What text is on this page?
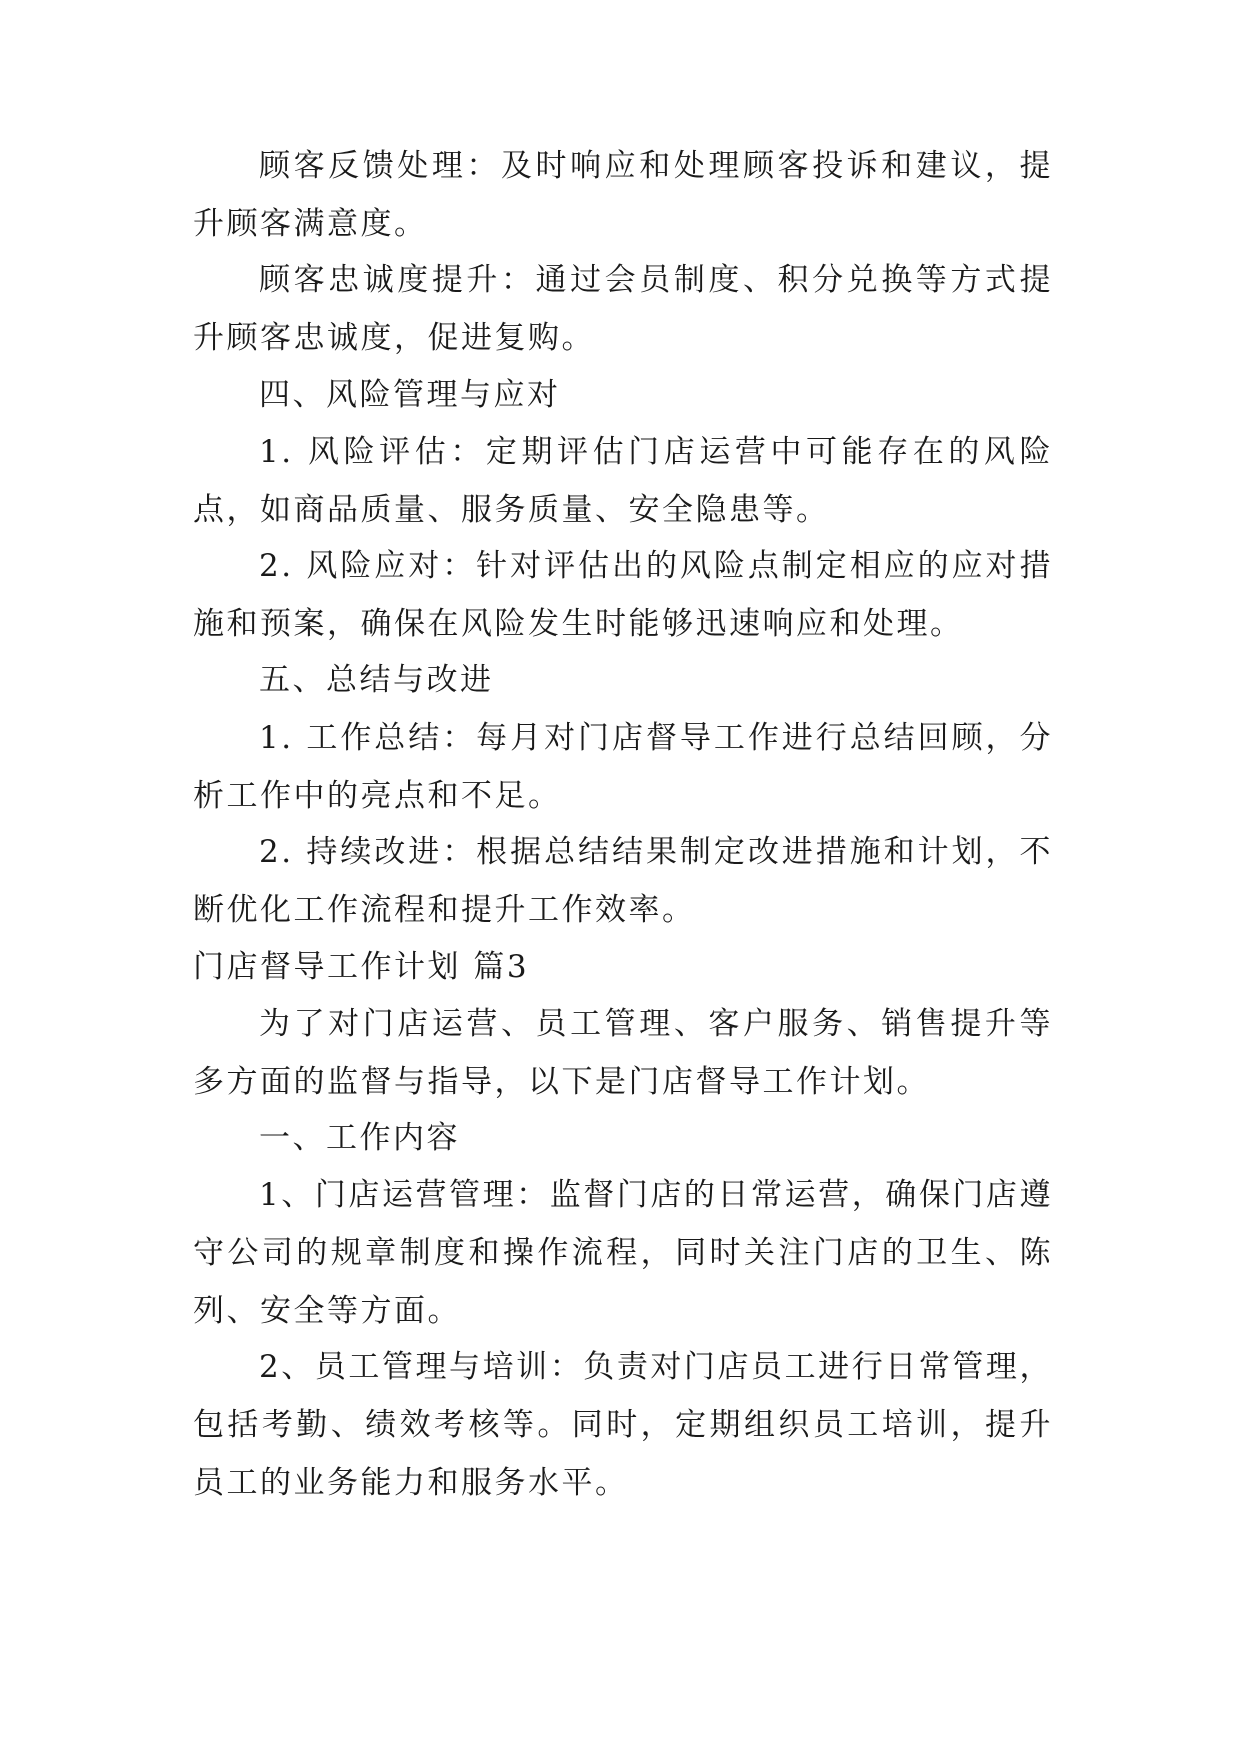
顾客反馈处理：及时响应和处理顾客投诉和建议，提升顾客满意度。

顾客忠诚度提升：通过会员制度、积分兑换等方式提升顾客忠诚度，促进复购。

四、风险管理与应对

1. 风险评估：定期评估门店运营中可能存在的风险点，如商品质量、服务质量、安全隐患等。

2. 风险应对：针对评估出的风险点制定相应的应对措施和预案，确保在风险发生时能够迅速响应和处理。

五、总结与改进

1. 工作总结：每月对门店督导工作进行总结回顾，分析工作中的亮点和不足。

2. 持续改进：根据总结结果制定改进措施和计划，不断优化工作流程和提升工作效率。

门店督导工作计划 篇3

为了对门店运营、员工管理、客户服务、销售提升等多方面的监督与指导，以下是门店督导工作计划。

一、工作内容

1、门店运营管理：监督门店的日常运营，确保门店遵守公司的规章制度和操作流程，同时关注门店的卫生、陈列、安全等方面。

2、员工管理与培训：负责对门店员工进行日常管理，包括考勤、绩效考核等。同时，定期组织员工培训，提升员工的业务能力和服务水平。
